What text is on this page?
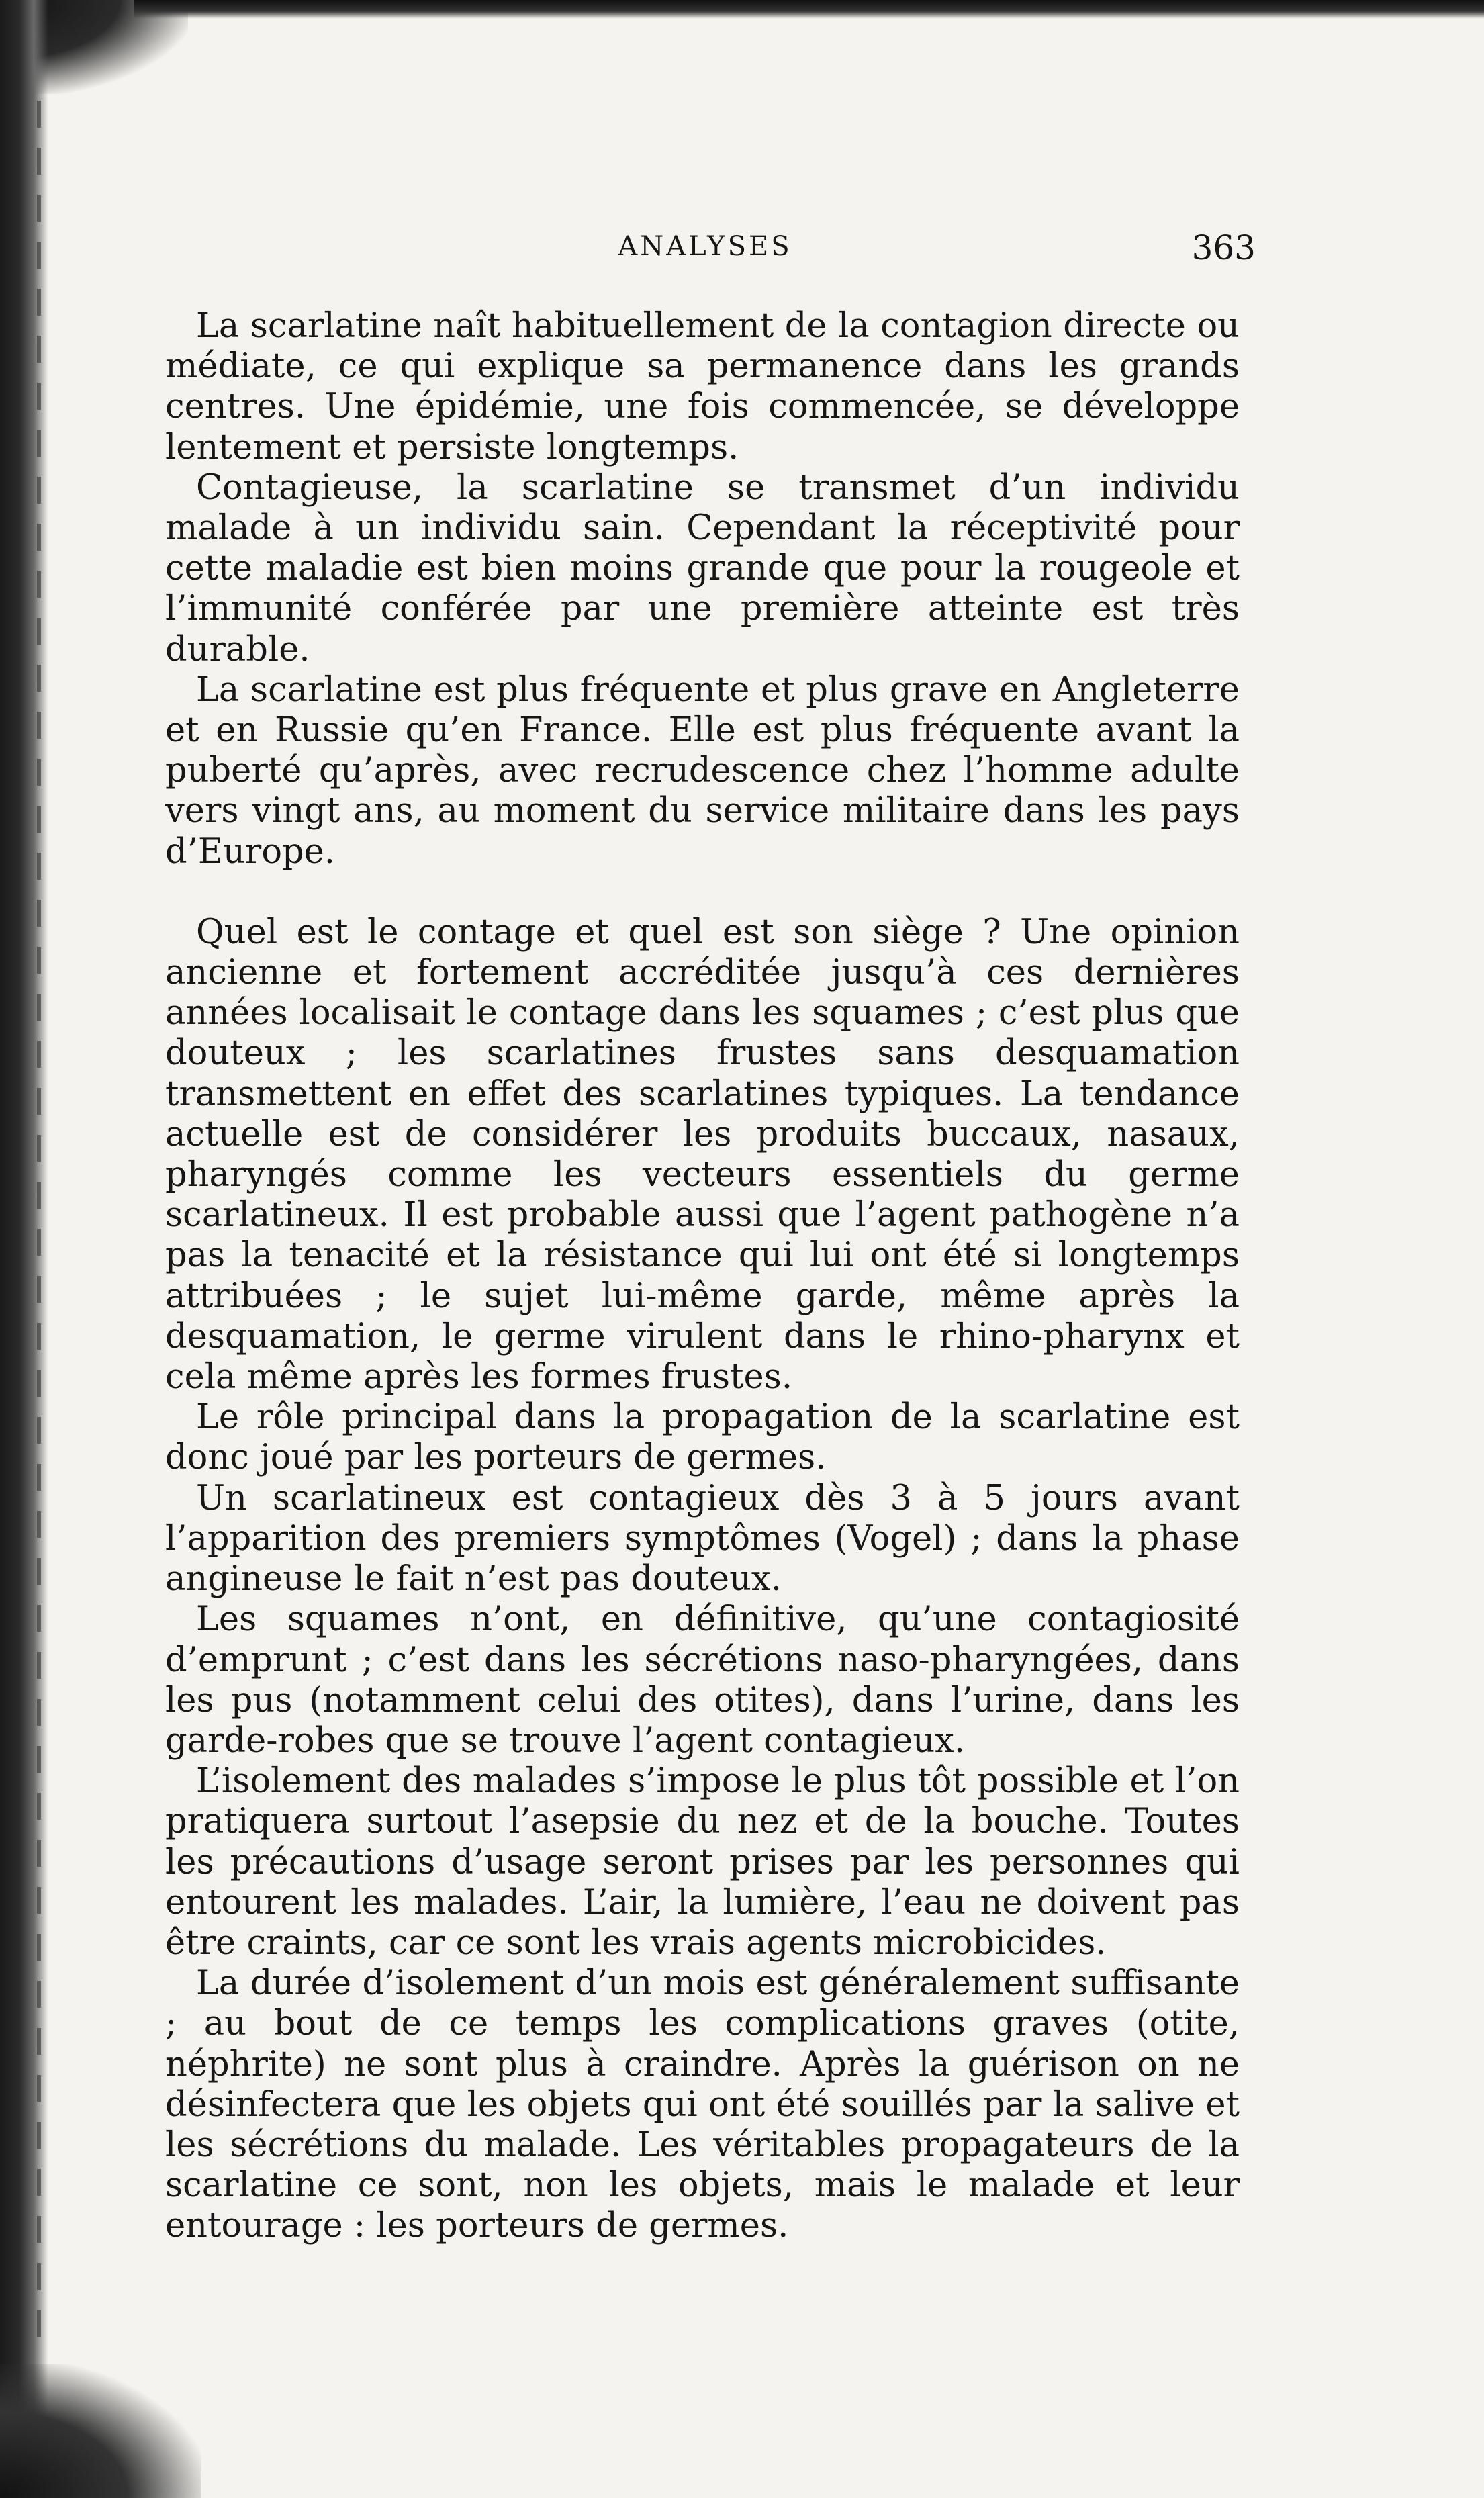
ANALYSES	363

La scarlatine naît habituellement de la contagion directe ou médiate, ce qui explique sa permanence dans les grands centres. Une épidémie, une fois commencée, se développe lentement et persiste longtemps.

Contagieuse, la scarlatine se transmet d’un individu malade à un individu sain. Cependant la réceptivité pour cette maladie est bien moins grande que pour la rougeole et l’immunité conférée par une première atteinte est très durable.

La scarlatine est plus fréquente et plus grave en Angleterre et en Russie qu’en France. Elle est plus fréquente avant la puberté qu’après, avec recrudescence chez l’homme adulte vers vingt ans, au moment du service militaire dans les pays d’Europe.

Quel est le contage et quel est son siège ? Une opinion ancienne et fortement accréditée jusqu’à ces dernières années localisait le contage dans les squames ; c’est plus que douteux ; les scarlatines frustes sans desquamation transmettent en effet des scarlatines typiques. La tendance actuelle est de considérer les produits buccaux, nasaux, pharyngés comme les vecteurs essentiels du germe scarlatineux. Il est probable aussi que l’agent pathogène n’a pas la tenacité et la résistance qui lui ont été si longtemps attribuées ; le sujet lui-même garde, même après la desquamation, le germe virulent dans le rhino-pharynx et cela même après les formes frustes.

Le rôle principal dans la propagation de la scarlatine est donc joué par les porteurs de germes.

Un scarlatineux est contagieux dès 3 à 5 jours avant l’apparition des premiers symptômes (Vogel) ; dans la phase angineuse le fait n’est pas douteux.

Les squames n’ont, en définitive, qu’une contagiosité d’emprunt ; c’est dans les sécrétions naso-pharyngées, dans les pus (notamment celui des otites), dans l’urine, dans les garde-robes que se trouve l’agent contagieux.

L’isolement des malades s’impose le plus tôt possible et l’on pratiquera surtout l’asepsie du nez et de la bouche. Toutes les précautions d’usage seront prises par les personnes qui entourent les malades. L’air, la lumière, l’eau ne doivent pas être craints, car ce sont les vrais agents microbicides.

La durée d’isolement d’un mois est généralement suffisante ; au bout de ce temps les complications graves (otite, néphrite) ne sont plus à craindre. Après la guérison on ne désinfectera que les objets qui ont été souillés par la salive et les sécrétions du malade. Les véritables propagateurs de la scarlatine ce sont, non les objets, mais le malade et leur entourage : les porteurs de germes.
